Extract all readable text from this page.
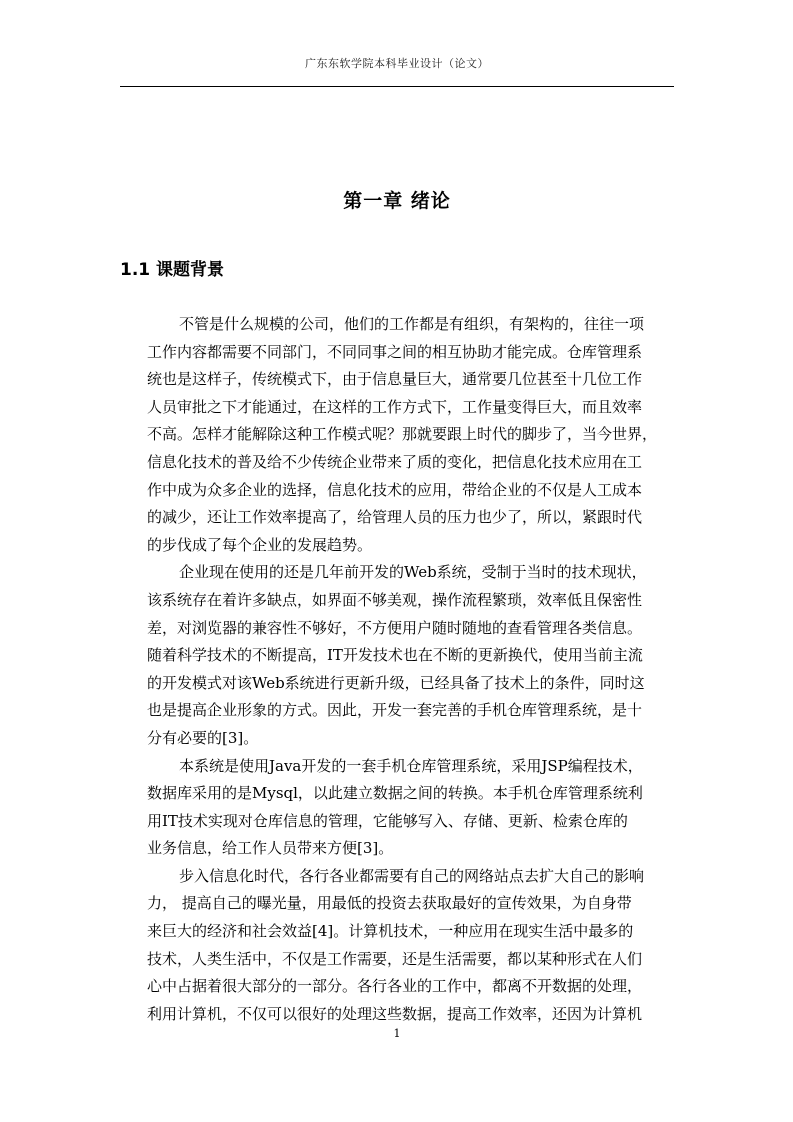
广东东软学院本科毕业设计（论文）
第一章 绪论
1.1 课题背景
不管是什么规模的公司，他们的工作都是有组织，有架构的，往往一项
工作内容都需要不同部门，不同同事之间的相互协助才能完成。仓库管理系
统也是这样子，传统模式下，由于信息量巨大，通常要几位甚至十几位工作
人员审批之下才能通过，在这样的工作方式下，工作量变得巨大，而且效率
不高。怎样才能解除这种工作模式呢？那就要跟上时代的脚步了，当今世界，
信息化技术的普及给不少传统企业带来了质的变化，把信息化技术应用在工
作中成为众多企业的选择，信息化技术的应用，带给企业的不仅是人工成本
的减少，还让工作效率提高了，给管理人员的压力也少了，所以，紧跟时代
的步伐成了每个企业的发展趋势。
企业现在使用的还是几年前开发的Web系统，受制于当时的技术现状，
该系统存在着许多缺点，如界面不够美观，操作流程繁琐，效率低且保密性
差，对浏览器的兼容性不够好，不方便用户随时随地的查看管理各类信息。
随着科学技术的不断提高，IT开发技术也在不断的更新换代，使用当前主流
的开发模式对该Web系统进行更新升级，已经具备了技术上的条件，同时这
也是提高企业形象的方式。因此，开发一套完善的手机仓库管理系统，是十
分有必要的[3]。
本系统是使用Java开发的一套手机仓库管理系统，采用JSP编程技术，
数据库采用的是Mysql，以此建立数据之间的转换。本手机仓库管理系统利
用IT技术实现对仓库信息的管理，它能够写入、存储、更新、检索仓库的
业务信息，给工作人员带来方便[3]。
步入信息化时代，各行各业都需要有自己的网络站点去扩大自己的影响
力， 提高自己的曝光量，用最低的投资去获取最好的宣传效果，为自身带
来巨大的经济和社会效益[4]。计算机技术，一种应用在现实生活中最多的
技术，人类生活中，不仅是工作需要，还是生活需要，都以某种形式在人们
心中占据着很大部分的一部分。各行各业的工作中，都离不开数据的处理，
利用计算机，不仅可以很好的处理这些数据，提高工作效率，还因为计算机
1
